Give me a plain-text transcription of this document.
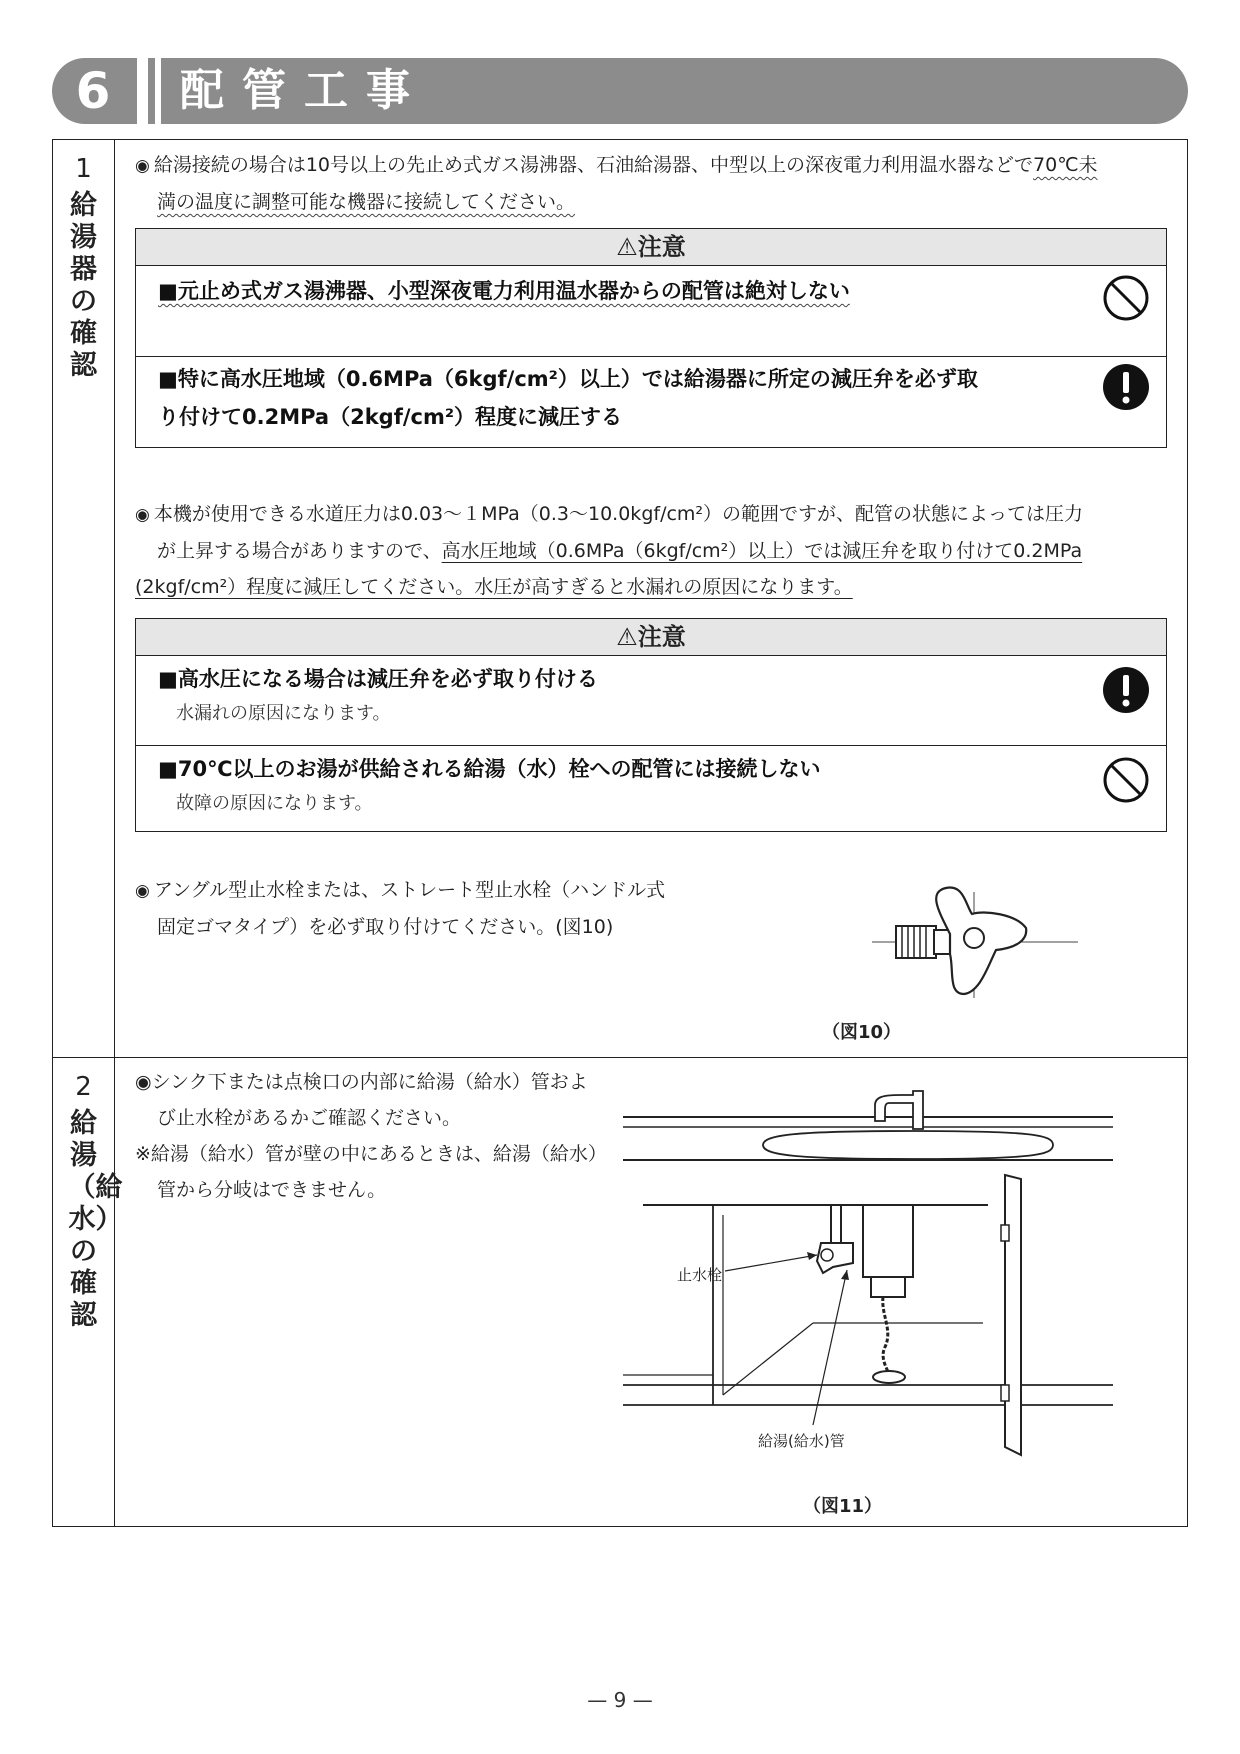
6	配管工事
1
給湯器の確認
◉ 給湯接続の場合は10号以上の先止め式ガス湯沸器、石油給湯器、中型以上の深夜電力利用温水器などで70℃未
満の温度に調整可能な機器に接続してください。
⚠注意
■元止め式ガス湯沸器、小型深夜電力利用温水器からの配管は絶対しない
■特に高水圧地域（0.6MPa（6kgf/cm²）以上）では給湯器に所定の減圧弁を必ず取
り付けて0.2MPa（2kgf/cm²）程度に減圧する
◉ 本機が使用できる水道圧力は0.03～１MPa（0.3～10.0kgf/cm²）の範囲ですが、配管の状態によっては圧力
が上昇する場合がありますので、高水圧地域（0.6MPa（6kgf/cm²）以上）では減圧弁を取り付けて0.2MPa
(2kgf/cm²）程度に減圧してください。水圧が高すぎると水漏れの原因になります。
⚠注意
■高水圧になる場合は減圧弁を必ず取り付ける
水漏れの原因になります。
■70℃以上のお湯が供給される給湯（水）栓への配管には接続しない
故障の原因になります。
◉ アングル型止水栓または、ストレート型止水栓（ハンドル式
固定ゴマタイプ）を必ず取り付けてください。(図10)
（図10）
2
給湯（給水）の確認
◉シンク下または点検口の内部に給湯（給水）管およ
び止水栓があるかご確認ください。
※給湯（給水）管が壁の中にあるときは、給湯（給水）
管から分岐はできません。
止水栓
給湯(給水)管
（図11）
— 9 —
